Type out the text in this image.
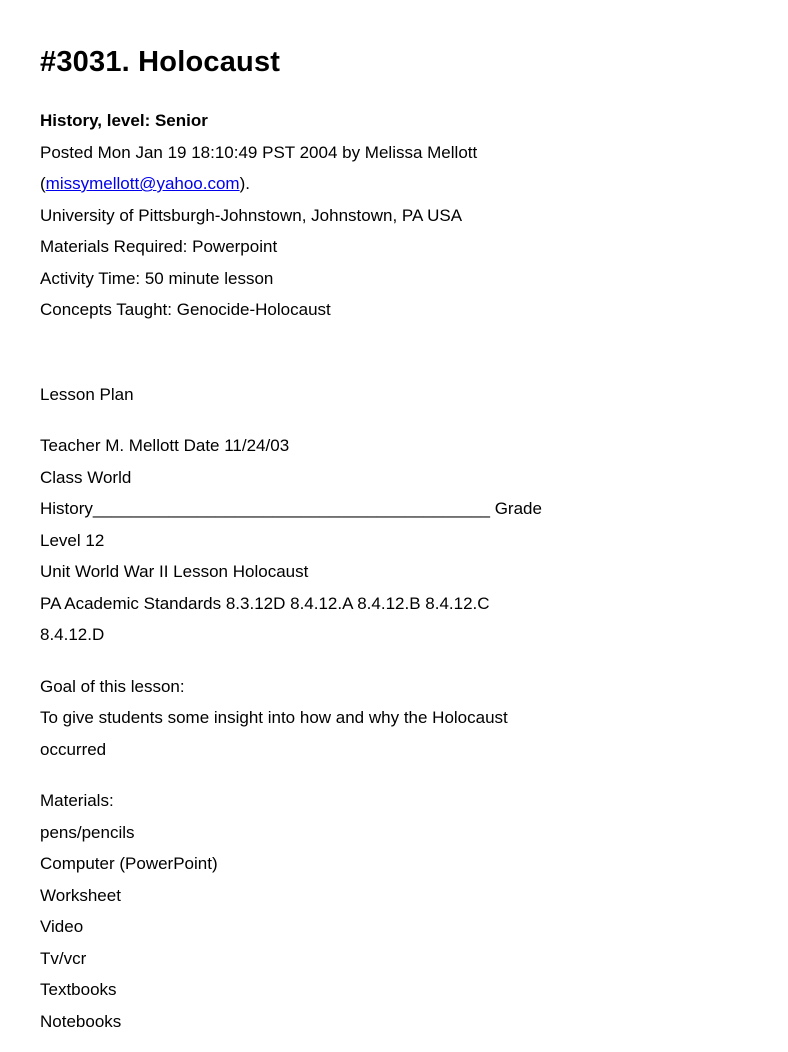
#3031. Holocaust
History, level: Senior
Posted Mon Jan 19 18:10:49 PST 2004 by Melissa Mellott
(missymellott@yahoo.com).
University of Pittsburgh-Johnstown, Johnstown, PA USA
Materials Required: Powerpoint
Activity Time: 50 minute lesson
Concepts Taught: Genocide-Holocaust
Lesson Plan
Teacher M. Mellott Date 11/24/03
Class World
History__________________________________________ Grade
Level 12
Unit World War II Lesson Holocaust
PA Academic Standards 8.3.12D 8.4.12.A 8.4.12.B 8.4.12.C
8.4.12.D
Goal of this lesson:
To give students some insight into how and why the Holocaust
occurred
Materials:
pens/pencils
Computer (PowerPoint)
Worksheet
Video
Tv/vcr
Textbooks
Notebooks
